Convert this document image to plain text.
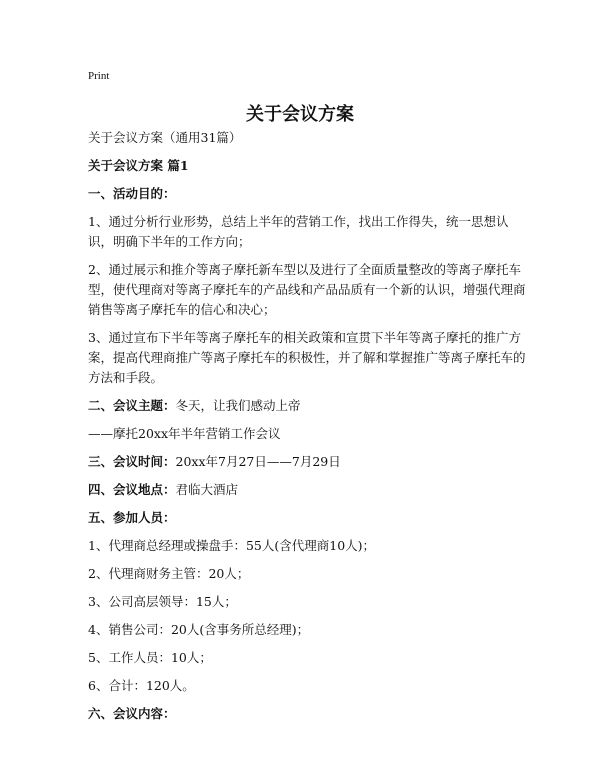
Print
关于会议方案

关于会议方案（通用31篇）

关于会议方案 篇1

一、活动目的：

1、通过分析行业形势，总结上半年的营销工作，找出工作得失，统一思想认识，明确下半年的工作方向；

2、通过展示和推介等离子摩托新车型以及进行了全面质量整改的等离子摩托车型，使代理商对等离子摩托车的产品线和产品品质有一个新的认识，增强代理商销售等离子摩托车的信心和决心；

3、通过宣布下半年等离子摩托车的相关政策和宣贯下半年等离子摩托的推广方案，提高代理商推广等离子摩托车的积极性，并了解和掌握推广等离子摩托车的方法和手段。

二、会议主题：冬天，让我们感动上帝

——摩托20xx年半年营销工作会议

三、会议时间：20xx年7月27日——7月29日

四、会议地点：君临大酒店

五、参加人员：

1、代理商总经理或操盘手：55人(含代理商10人)；

2、代理商财务主管：20人；

3、公司高层领导：15人；

4、销售公司：20人(含事务所总经理)；

5、工作人员：10人；

6、合计：120人。

六、会议内容：
